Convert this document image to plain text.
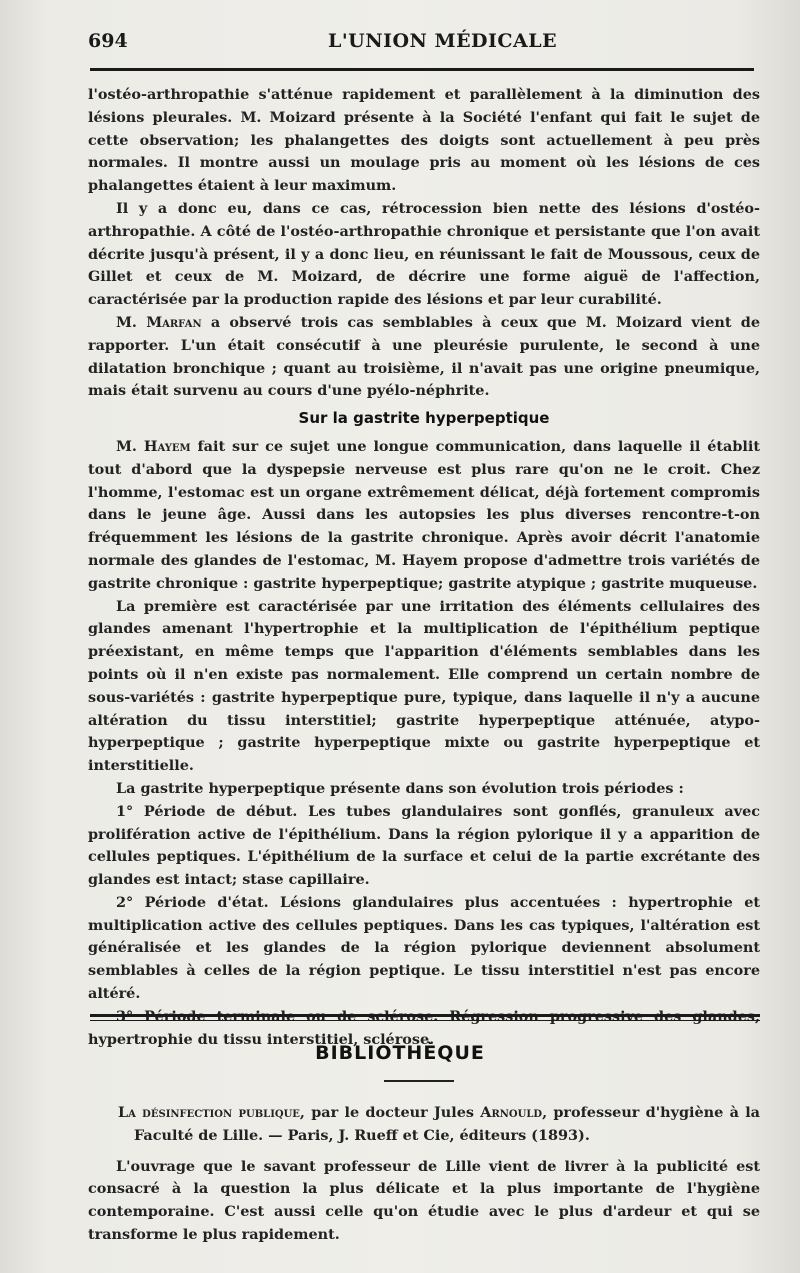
694	L'UNION MÉDICALE

l'ostéo-arthropathie s'atténue rapidement et parallèlement à la diminution des lésions pleurales. M. Moizard présente à la Société l'enfant qui fait le sujet de cette observation; les phalangettes des doigts sont actuellement à peu près normales. Il montre aussi un moulage pris au moment où les lésions de ces phalangettes étaient à leur maximum.

Il y a donc eu, dans ce cas, rétrocession bien nette des lésions d'ostéo-arthropathie. A côté de l'ostéo-arthropathie chronique et persistante que l'on avait décrite jusqu'à présent, il y a donc lieu, en réunissant le fait de Moussous, ceux de Gillet et ceux de M. Moizard, de décrire une forme aiguë de l'affection, caractérisée par la production rapide des lésions et par leur curabilité.

M. Marfan a observé trois cas semblables à ceux que M. Moizard vient de rapporter. L'un était consécutif à une pleurésie purulente, le second à une dilatation bronchique ; quant au troisième, il n'avait pas une origine pneumique, mais était survenu au cours d'une pyélo-néphrite.

Sur la gastrite hyperpeptique

M. Hayem fait sur ce sujet une longue communication, dans laquelle il établit tout d'abord que la dyspepsie nerveuse est plus rare qu'on ne le croit. Chez l'homme, l'estomac est un organe extrêmement délicat, déjà fortement compromis dans le jeune âge. Aussi dans les autopsies les plus diverses rencontre-t-on fréquemment les lésions de la gastrite chronique. Après avoir décrit l'anatomie normale des glandes de l'estomac, M. Hayem propose d'admettre trois variétés de gastrite chronique : gastrite hyperpeptique; gastrite atypique ; gastrite muqueuse.

La première est caractérisée par une irritation des éléments cellulaires des glandes amenant l'hypertrophie et la multiplication de l'épithélium peptique préexistant, en même temps que l'apparition d'éléments semblables dans les points où il n'en existe pas normalement. Elle comprend un certain nombre de sous-variétés : gastrite hyperpeptique pure, typique, dans laquelle il n'y a aucune altération du tissu interstitiel; gastrite hyperpeptique atténuée, atypo-hyperpeptique ; gastrite hyperpeptique mixte ou gastrite hyperpeptique et interstitielle.

La gastrite hyperpeptique présente dans son évolution trois périodes :

1° Période de début. Les tubes glandulaires sont gonflés, granuleux avec prolifération active de l'épithélium. Dans la région pylorique il y a apparition de cellules peptiques. L'épithélium de la surface et celui de la partie excrétante des glandes est intact; stase capillaire.

2° Période d'état. Lésions glandulaires plus accentuées : hypertrophie et multiplication active des cellules peptiques. Dans les cas typiques, l'altération est généralisée et les glandes de la région pylorique deviennent absolument semblables à celles de la région peptique. Le tissu interstitiel n'est pas encore altéré.

3° Période terminale ou de sclérose. Régression progressive des glandes, hypertrophie du tissu interstitiel, sclérose.

BIBLIOTHÈQUE

La désinfection publique, par le docteur Jules Arnould, professeur d'hygiène à la Faculté de Lille. — Paris, J. Rueff et Cie, éditeurs (1893).

L'ouvrage que le savant professeur de Lille vient de livrer à la publicité est consacré à la question la plus délicate et la plus importante de l'hygiène contemporaine. C'est aussi celle qu'on étudie avec le plus d'ardeur et qui se transforme le plus rapidement.
